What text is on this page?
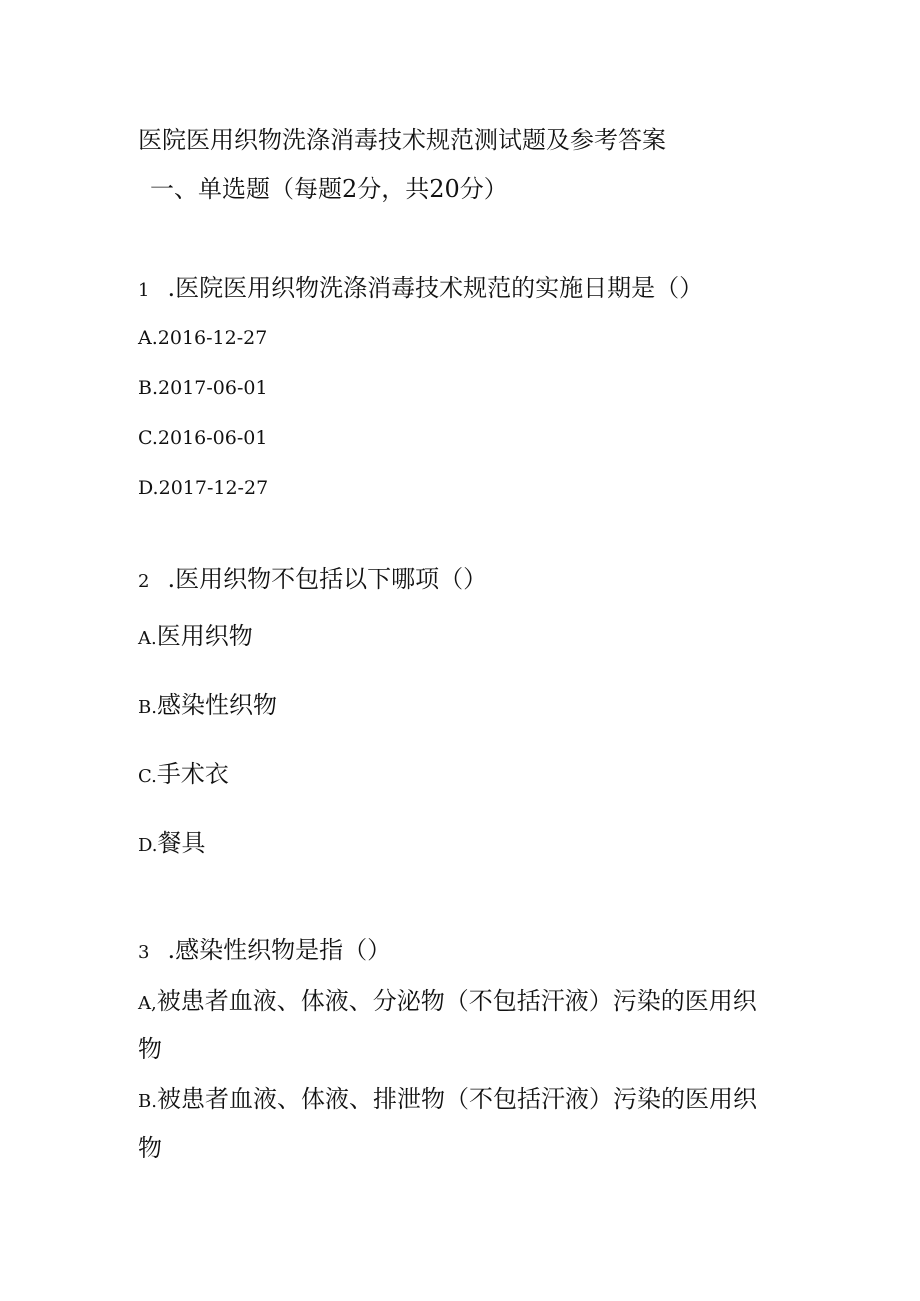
医院医用织物洗涤消毒技术规范测试题及参考答案
一、单选题（每题2分，共20分）
1 .医院医用织物洗涤消毒技术规范的实施日期是（）
A.2016-12-27
B.2017-06-01
C.2016-06-01
D.2017-12-27
2 .医用织物不包括以下哪项（）
A.医用织物
B.感染性织物
C.手术衣
D.餐具
3 .感染性织物是指（）
A,被患者血液、体液、分泌物（不包括汗液）污染的医用织
物
B.被患者血液、体液、排泄物（不包括汗液）污染的医用织
物
